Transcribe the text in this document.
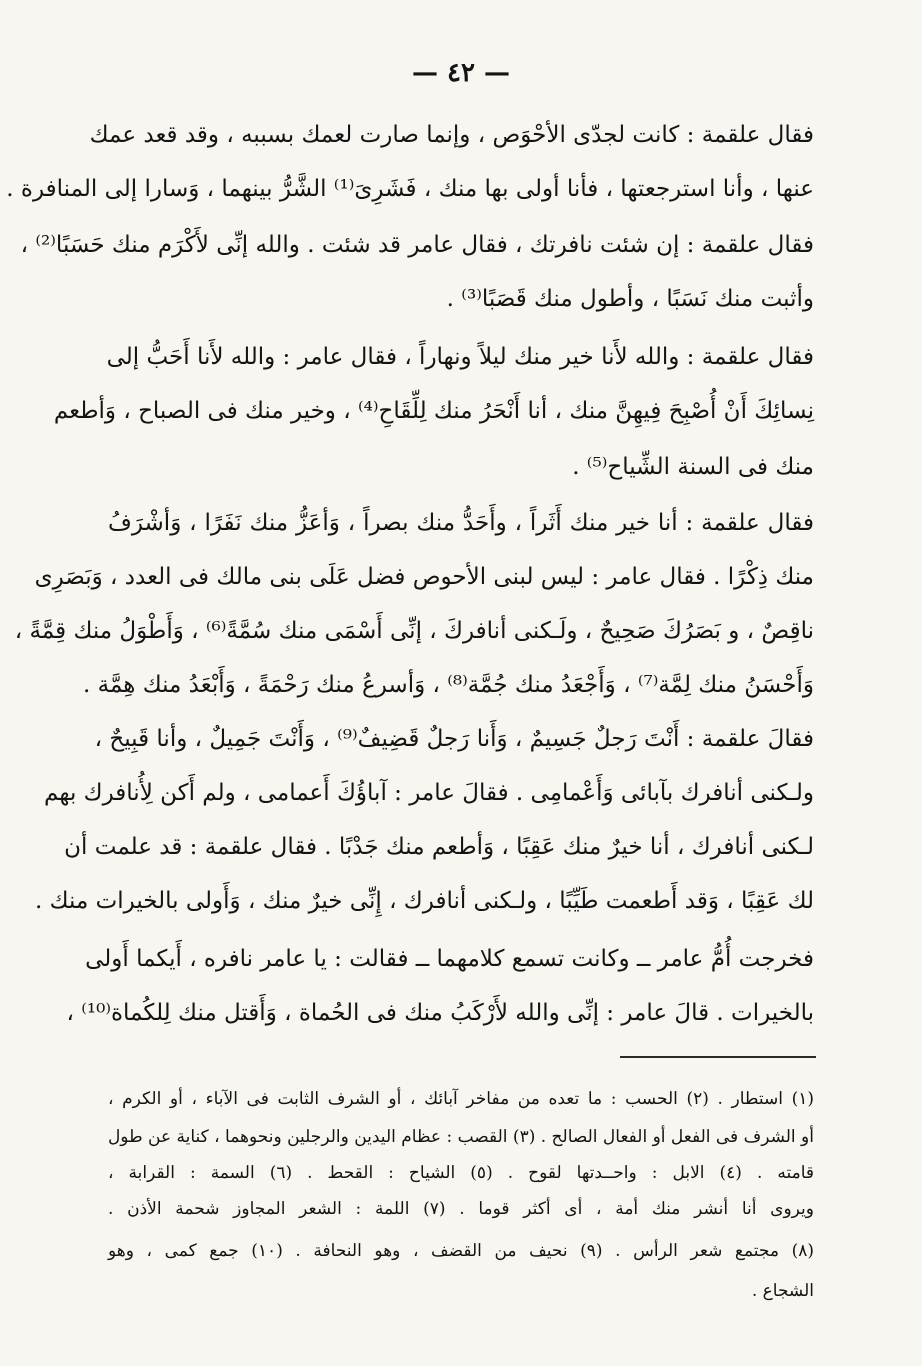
— ٤٢ —
فقال علقمة : كانت لجدّى الأحْوَص ، وإنما صارت لعمك بسببه ، وقد قعد عمك
عنها ، وأنا استرجعتها ، فأنا أولى بها منك ، فَشَرِىَ⁽¹⁾ الشَّرُّ بينهما ، وَسارا إلى المنافرة .
فقال علقمة : إن شئت نافرتك ، فقال عامر قد شئت . والله إنِّى لأَكْرَم منك حَسَبًا⁽²⁾ ،
وأثبت منك نَسَبًا ، وأطول منك قَصَبًا⁽³⁾ .
فقال علقمة : والله لأَنا خير منك ليلاً ونهاراً ، فقال عامر : والله لأَنا أَحَبُّ إلى
نِسائِكَ أَنْ أُصْبِحَ فِيهِنَّ منك ، أنا أَنْحَرُ منك لِلِّقَاحِ⁽⁴⁾ ، وخير منك فى الصباح ، وَأطعم
منك فى السنة الشِّياح⁽⁵⁾ .
فقال علقمة : أنا خير منك أَثَراً ، وأَحَدُّ منك بصراً ، وَأعَزُّ منك نَفَرًا ، وَأشْرَفُ
منك ذِكْرًا . فقال عامر : ليس لبنى الأحوص فضل عَلَى بنى مالك فى العدد ، وَبَصَرِى
ناقِصٌ ، و بَصَرُكَ صَحِيحٌ ، ولَـكنى أنافركَ ، إنِّى أَسْمَى منك سُمَّةً⁽⁶⁾ ، وَأَطْوَلُ منك قِمَّةً ،
وَأَحْسَنُ منك لِمَّة⁽⁷⁾ ، وَأَجْعَدُ منك جُمَّة⁽⁸⁾ ، وَأسرعُ منك رَحْمَةً ، وَأَبْعَدُ منك هِمَّة .
فقالَ علقمة : أَنْتَ رَجلٌ جَسِيمٌ ، وَأَنا رَجلٌ قَضِيفٌ⁽⁹⁾ ، وَأَنْتَ جَمِيلٌ ، وأنا قَبِيحٌ ،
ولـكنى أنافرك بآبائى وَأَعْمامِى . فقالَ عامر : آباؤُكَ أَعمامى ، ولم أَكن لِأُنافرك بهم
لـكنى أنافرك ، أنا خيرٌ منك عَقِبًا ، وَأطعم منك جَدْبًا . فقال علقمة : قد علمت أن
لك عَقِبًا ، وَقد أَطعمت طَيِّبًا ، ولـكنى أنافرك ، إِنِّى خيرٌ منك ، وَأَولى بالخيرات منك .
فخرجت أُمُّ عامر ــ وكانت تسمع كلامهما ــ فقالت : يا عامر نافره ، أَيكما أَولى
بالخيرات . قالَ عامر : إنِّى والله لأَرْكَبُ منك فى الحُماة ، وَأَقتل منك لِلكُماة⁽¹⁰⁾ ،
(١) استطار . (٢) الحسب : ما تعده من مفاخر آبائك ، أو الشرف الثابت فى الآباء ، أو الكرم ،
أو الشرف فى الفعل أو الفعال الصالح . (٣) القصب : عظام اليدين والرجلين ونحوهما ، كناية عن طول
قامته . (٤) الابل : واحــدتها لقوح . (٥) الشياح : القحط . (٦) السمة : القرابة ،
ويروى أنا أنشر منك أمة ، أى أكثر قوما . (٧) اللمة : الشعر المجاوز شحمة الأذن .
(٨) مجتمع شعر الرأس . (٩) نحيف من القضف ، وهو النحافة . (١٠) جمع كمى ، وهو
الشجاع .
